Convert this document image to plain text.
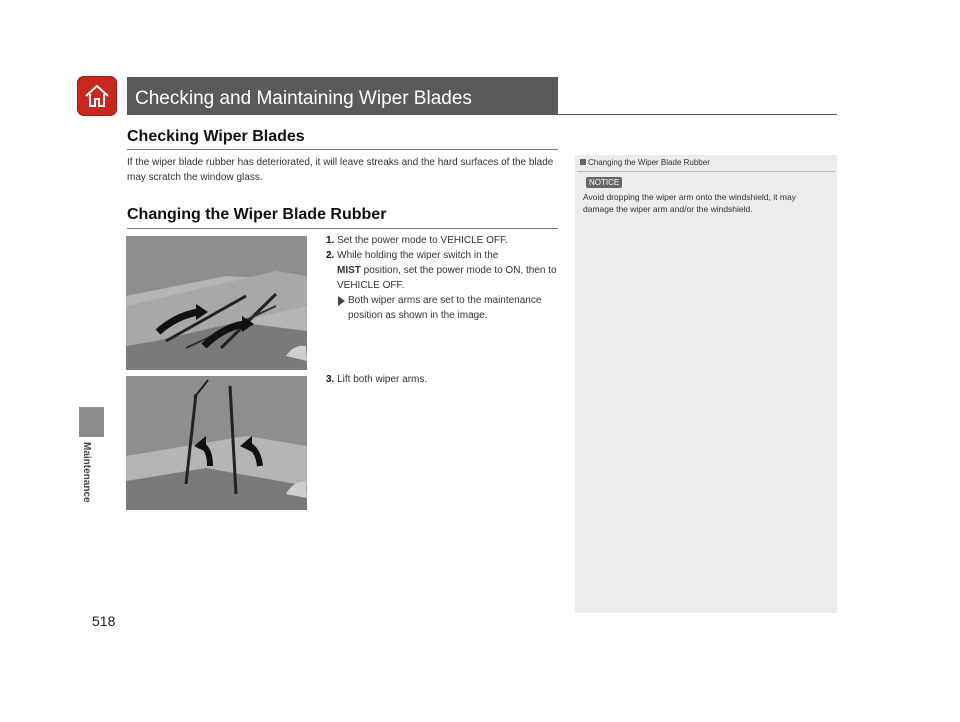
Checking and Maintaining Wiper Blades
Maintenance
Checking Wiper Blades
If the wiper blade rubber has deteriorated, it will leave streaks and the hard surfaces of the blade may scratch the window glass.
Changing the Wiper Blade Rubber
1. Set the power mode to VEHICLE OFF.
2. While holding the wiper switch in the
MIST position, set the power mode to ON, then to VEHICLE OFF.
Both wiper arms are set to the maintenance position as shown in the image.
3. Lift both wiper arms.
Changing the Wiper Blade Rubber
NOTICE
Avoid dropping the wiper arm onto the windshield, it may damage the wiper arm and/or the windshield.
518
